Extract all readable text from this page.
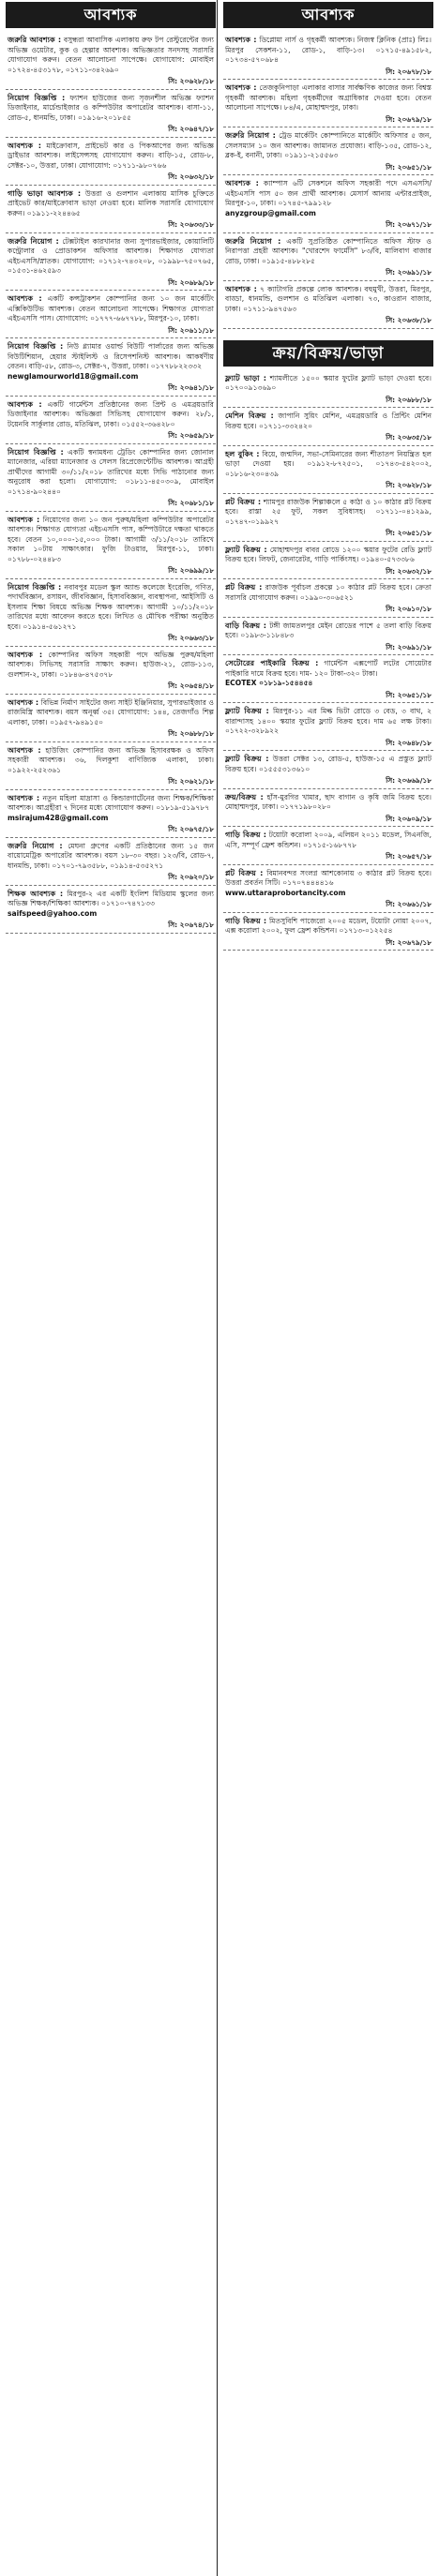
আবশ্যক
জরুরি আবশ্যক : বসুন্ধরা আবাসিক এলাকায় রুফ টপ রেস্টুরেন্টের জন্য অভিজ্ঞ ওয়েটার, কুক ও হেল্পার আবশ্যক। অভিজ্ঞতার সনদসহ সরাসরি যোগাযোগ করুন। বেতন আলোচনা সাপেক্ষে। যোগাযোগ: মোবাইল ০১৭২৪-৪৫৩১৭৮, ০১৭১১-৩৪২৬৯০
সি: ২০৬২৮/১৮
নিয়োগ বিজ্ঞপ্তি : ফ্যাশন হাউজের জন্য সৃজনশীল অভিজ্ঞ ফ্যাশন ডিজাইনার, মার্চেন্ডাইজার ও কম্পিউটার অপারেটর আবশ্যক। বাসা-১১, রোড-৫, ধানমন্ডি, ঢাকা। ০১৯১৬-২০১৮৫৫
সি: ২০৬৪৭/১৮
আবশ্যক : মাইক্রোবাস, প্রাইভেট কার ও পিকআপের জন্য অভিজ্ঞ ড্রাইভার আবশ্যক। লাইসেন্সসহ যোগাযোগ করুন। বাড়ি-১৫, রোড-৮, সেক্টর-১০, উত্তরা, ঢাকা। যোগাযোগ: ০১৭১১-৯৮০৭৬৬
সি: ২০৬৩২/১৮
গাড়ি ভাড়া আবশ্যক : উত্তরা ও গুলশান এলাকায় মাসিক চুক্তিতে প্রাইভেট কার/মাইক্রোবাস ভাড়া নেওয়া হবে। মালিক সরাসরি যোগাযোগ করুন। ০১৯১১-২২৪৪৬৫
সি: ২০৬৩৩/১৮
জরুরি নিয়োগ : টেক্সটাইল কারখানার জন্য সুপারভাইজার, কোয়ালিটি কন্ট্রোলার ও প্রোডাকশন অফিসার আবশ্যক। শিক্ষাগত যোগ্যতা এইচএসসি/স্নাতক। যোগাযোগ: ০১৭১২-৭৪৩২০৮, ০১৯৯৮-৭৫০৭৬৫, ০১৫৩১-৪৬২৫৯৩
সি: ২০৬৮৯/১৮
আবশ্যক : একটি কন্সট্রাকশন কোম্পানির জন্য ১০ জন মার্কেটিং এক্সিকিউটিভ আবশ্যক। বেতন আলোচনা সাপেক্ষে। শিক্ষাগত যোগ্যতা এইচএসসি পাস। যোগাযোগ: ০১৭৭৭-৬৬৭৭৮৮, মিরপুর-১০, ঢাকা।
সি: ২০৬১১/১৮
নিয়োগ বিজ্ঞপ্তি : নিউ গ্ল্যামার ওয়ার্ল্ড বিউটি পার্লারের জন্য অভিজ্ঞ বিউটিশিয়ান, হেয়ার স্টাইলিস্ট ও রিসেপশনিস্ট আবশ্যক। আকর্ষণীয় বেতন। বাড়ি-৫৮, রোড-৩, সেক্টর-৭, উত্তরা, ঢাকা। ০১৭৭৮৮২২৩৩২
newglamourworld18@gmail.com
সি: ২০৬৪১/১৮
আবশ্যক : একটি গার্মেন্টস প্রতিষ্ঠানের জন্য প্রিন্ট ও এমব্রয়ডারি ডিজাইনার আবশ্যক। অভিজ্ঞরা সিভিসহ যোগাযোগ করুন। ২৮/১, টয়েনবি সার্কুলার রোড, মতিঝিল, ঢাকা। ০১৫৫২-৩৬৪২৮০
সি: ২০৬৫৯/১৮
নিয়োগ বিজ্ঞপ্তি : একটি স্বনামধন্য ট্রেডিং কোম্পানির জন্য জোনাল ম্যানেজার, এরিয়া ম্যানেজার ও সেলস রিপ্রেজেন্টেটিভ আবশ্যক। আগ্রহী প্রার্থীদের আগামী ৩০/১১/২০১৮ তারিখের মধ্যে সিভি পাঠানোর জন্য অনুরোধ করা হলো। যোগাযোগ: ০১৮১১-৪৫০৩০৯, মোবাইল ০১৭১৪-৯০২৪৪০
সি: ২০৬৮১/১৮
আবশ্যক : নিয়োগের জন্য ১০ জন পুরুষ/মহিলা কম্পিউটার অপারেটর আবশ্যক। শিক্ষাগত যোগ্যতা এইচএসসি পাস, কম্পিউটারে দক্ষতা থাকতে হবে। বেতন ১০,০০০-১৫,০০০ টাকা। আগামী ৩/১১/২০১৮ তারিখে সকাল ১০টায় সাক্ষাৎকার। ফুজি টাওয়ার, মিরপুর-১১, ঢাকা। ০১৭৮৮-০২৪৪৮৩
সি: ২০৬৯৯/১৮
নিয়োগ বিজ্ঞপ্তি : নবাবপুর মডেল স্কুল অ্যান্ড কলেজে ইংরেজি, গণিত, পদার্থবিজ্ঞান, রসায়ন, জীববিজ্ঞান, হিসাববিজ্ঞান, ব্যবস্থাপনা, আইসিটি ও ইসলাম শিক্ষা বিষয়ে অভিজ্ঞ শিক্ষক আবশ্যক। আগামী ১০/১১/২০১৮ তারিখের মধ্যে আবেদন করতে হবে। লিখিত ও মৌখিক পরীক্ষা অনুষ্ঠিত হবে। ০১৯১৪-৫৬১২৭১
সি: ২০৬৬৩/১৮
আবশ্যক : কোম্পানির অফিস সহকারী পদে অভিজ্ঞ পুরুষ/মহিলা আবশ্যক। সিভিসহ সরাসরি সাক্ষাৎ করুন। হাউজ-২১, রোড-১১৩, গুলশান-২, ঢাকা। ০১৮৪৬-৪৭৫৩৭৮
সি: ২০৬৫৪/১৮
আবশ্যক : বিভিন্ন নির্মাণ সাইটের জন্য সাইট ইঞ্জিনিয়ার, সুপারভাইজার ও রাজমিস্ত্রি আবশ্যক। বয়স অনূর্ধ্ব ৩৫। যোগাযোগ: ১৪৪, তেজগাঁও শিল্প এলাকা, ঢাকা। ০১৯৫৭-৯৪৯১৫০
সি: ২০৬৮৮/১৮
আবশ্যক : হাউজিং কোম্পানির জন্য অভিজ্ঞ হিসাবরক্ষক ও অফিস সহকারী আবশ্যক। ৩৬, দিলকুশা বাণিজ্যিক এলাকা, ঢাকা। ০১৯২২-২৫২৩৬১
সি: ২০৬২১/১৮
আবশ্যক : নতুন মহিলা মাদ্রাসা ও কিন্ডারগার্টেনের জন্য শিক্ষক/শিক্ষিকা আবশ্যক। আগ্রহীরা ৭ দিনের মধ্যে যোগাযোগ করুন। ০১৮১৯-৫১৯৭৮৭
msirajum428@gmail.com
সি: ২০৬৭৫/১৮
জরুরি নিয়োগ : মেঘনা গ্রুপের একটি প্রতিষ্ঠানের জন্য ১৫ জন বায়োমেট্রিক অপারেটর আবশ্যক। বয়স ১৮-৩০ বছর। ১২৩/বি, রোড-৭, ধানমন্ডি, ঢাকা। ০১৭০১-৭৯৩৫৮৮, ০১৯১৪-৫৩৫২৭১
সি: ২০৬২০/১৮
শিক্ষক আবশ্যক : মিরপুর-২ এর একটি ইংলিশ মিডিয়াম স্কুলের জন্য অভিজ্ঞ শিক্ষক/শিক্ষিকা আবশ্যক। ০১৭১০-৭৪৭১৩৩
saifspeed@yahoo.com
সি: ২০৬৭৪/১৮
আবশ্যক
আবশ্যক : ডিপ্লোমা নার্স ও গৃহকর্মী আবশ্যক। নিজস্ব ক্লিনিক (প্রাঃ) লিঃ। মিরপুর সেকশন-১১, রোড-১, বাড়ি-১৩। ০১৭১৫-৪৯১৫৮২, ০১৭৩৪-৫৭০৬৮৪
সি: ২০৬৭৮/১৮
আবশ্যক : তেজকুনিপাড়া এলাকার বাসার সার্বক্ষণিক কাজের জন্য বিশ্বস্ত গৃহকর্মী আবশ্যক। মহিলা গৃহকর্মীদের অগ্রাধিকার দেওয়া হবে। বেতন আলোচনা সাপেক্ষে। ৮৪/এ, মোহাম্মদপুর, ঢাকা।
সি: ২০৬৭৯/১৮
জরুরি নিয়োগ : ট্রেড মার্কেটিং কোম্পানিতে মার্কেটিং অফিসার ৫ জন, সেলসম্যান ১০ জন আবশ্যক। জামানত প্রযোজ্য। বাড়ি-১৩৫, রোড-১২, ব্লক-ই, বনানী, ঢাকা। ০১৯১১-২১৫৫৬৩
সি: ২০৬৫১/১৮
আবশ্যক : ক্যাম্পাস ৬টি সেকশনে অফিস সহকারী পদে এসএসসি/এইচএসসি পাস ৫০ জন প্রার্থী আবশ্যক। মেসার্স আনায় এন্টারপ্রাইজ, মিরপুর-১০, ঢাকা। ০১৭৪৫-৭৯৯১২৮
anyzgroup@gmail.com
সি: ২০৬৭১/১৮
জরুরি নিয়োগ : একটি সুপ্রতিষ্ঠিত কোম্পানিতে অফিস স্টাফ ও নিরাপত্তা প্রহরী আবশ্যক। "খোরশেদ ফার্মেসি" ৮৩/বি, মালিবাগ বাজার রোড, ঢাকা। ০১৯১৫-৪৮৮২৮৫
সি: ২০৬৯১/১৮
আবশ্যক : ৭ ক্যাটাগরি প্রকল্পে লোক আবশ্যক। বহুমুখী, উত্তরা, মিরপুর, বাড্ডা, ধানমন্ডি, গুলশান ও মতিঝিল এলাকা। ৭৩, কাওরান বাজার, ঢাকা। ০১৭১১-৯৪৭৫৬৩
সি: ২০৬৩৮/১৮
ক্রয়/বিক্রয়/ভাড়া
ফ্ল্যাট ভাড়া : শ্যামলীতে ১৫০০ স্কয়ার ফুটের ফ্ল্যাট ভাড়া দেওয়া হবে। ০১৭০০৯১৩৬৯০
সি: ২০৬৮৮/১৮
মেশিন বিক্রয় : জাপানি সুয়িং মেশিন, এমব্রয়ডারি ও প্রিন্টিং মেশিন বিক্রয় হবে। ০১৭১১-৩৩২৪২০
সি: ২০৬৩৫/১৮
হল বুকিং : বিয়ে, জন্মদিন, সভা-সেমিনারের জন্য শীতাতপ নিয়ন্ত্রিত হল ভাড়া দেওয়া হয়। ০১৯১২-৮৭২৫০১, ০১৭৪৩-৫৪২০০২, ০১৮১৬-২৩০৪৩৯
সি: ২০৬২৮/১৮
প্লট বিক্রয় : শ্যামপুর রাজউক শিল্পাঞ্চলে ৫ কাঠা ও ১০ কাঠার প্লট বিক্রয় হবে। রাস্তা ২৫ ফুট, সকল সুবিধাসহ। ০১৭১১-০৪১২৯৯, ০১৭৪৭-০১৯৯২৭
সি: ২০৬৫১/১৮
ফ্ল্যাট বিক্রয় : মোহাম্মদপুর বাবর রোডে ১২০০ স্কয়ার ফুটের রেডি ফ্ল্যাট বিক্রয় হবে। লিফট, জেনারেটর, গাড়ি পার্কিংসহ। ০১৯৪০-৫৭৩৩৮৬
সি: ২০৬৩২/১৮
প্লট বিক্রয় : রাজউক পূর্বাচল প্রকল্পে ১০ কাঠার প্লট বিক্রয় হবে। ক্রেতা সরাসরি যোগাযোগ করুন। ০১৯৯০-৩০৬৫২১
সি: ২০৬১০/১৮
বাড়ি বিক্রয় : টঙ্গী জামতলপুর মেইন রোডের পাশে ৫ তলা বাড়ি বিক্রয় হবে। ০১৯৮৩-১১৮৪৮৩
সি: ২০৬৯১/১৮
সেটোরের পাইকারি বিক্রয় : গার্মেন্টস এক্সপোর্ট লটের সোয়েটার পাইকারি দামে বিক্রয় হবে। দাম- ১২০ টাকা-৩২০ টাকা।
ECOTEX ০১৮১৯-১৫৪৪৫৪
সি: ২০৬৫১/১৮
ফ্ল্যাট বিক্রয় : মিরপুর-১১ এর মিল্ক ভিটা রোডে ৩ বেড, ৩ বাথ, ২ বারান্দাসহ ১৪০০ স্কয়ার ফুটের ফ্ল্যাট বিক্রয় হবে। দাম ৬৫ লক্ষ টাকা। ০১৭২২-৩২৮৯২২
সি: ২০৬৪৮/১৮
ফ্ল্যাট বিক্রয় : উত্তরা সেক্টর ১৩, রোড-৫, হাউজ-১৫ এ প্রস্তুত ফ্ল্যাট বিক্রয় হবে। ০১৫৫৫৩১৩৬১০
সি: ২০৬৬৯/১৮
ক্রয়/বিক্রয় : হাঁস-মুরগির খামার, ছাদ বাগান ও কৃষি জমি বিক্রয় হবে। মোহাম্মদপুর, ঢাকা। ০১৭৭১৯৮০২৮০
সি: ২০৬০৯/১৮
গাড়ি বিক্রয় : টয়োটা করোলা ২০০৯, এলিয়ন ২০১১ মডেল, সিএনজি, এসি, সম্পূর্ণ ফ্রেশ কন্ডিশন। ০১৭১৫-১৬৮৭৭৮
সি: ২০৬৫৭/১৮
প্লট বিক্রয় : বিমানবন্দর সংলগ্ন আশকোনায় ৩ কাঠার প্লট বিক্রয় হবে। উত্তরা প্রবর্তন সিটি। ০১৭০৭৪৪৪৪১৬
www.uttaraprobortancity.com
সি: ২০৬৬১/১৮
গাড়ি বিক্রয় : মিতসুবিশি পাজেরো ২০০৫ মডেল, টয়োটা নোয়া ২০০৭, এক্স করোলা ২০০২, ফুল ফ্রেশ কন্ডিশন। ০১৭১৩-০১২২৫৪
সি: ২০৬৭৯/১৮
